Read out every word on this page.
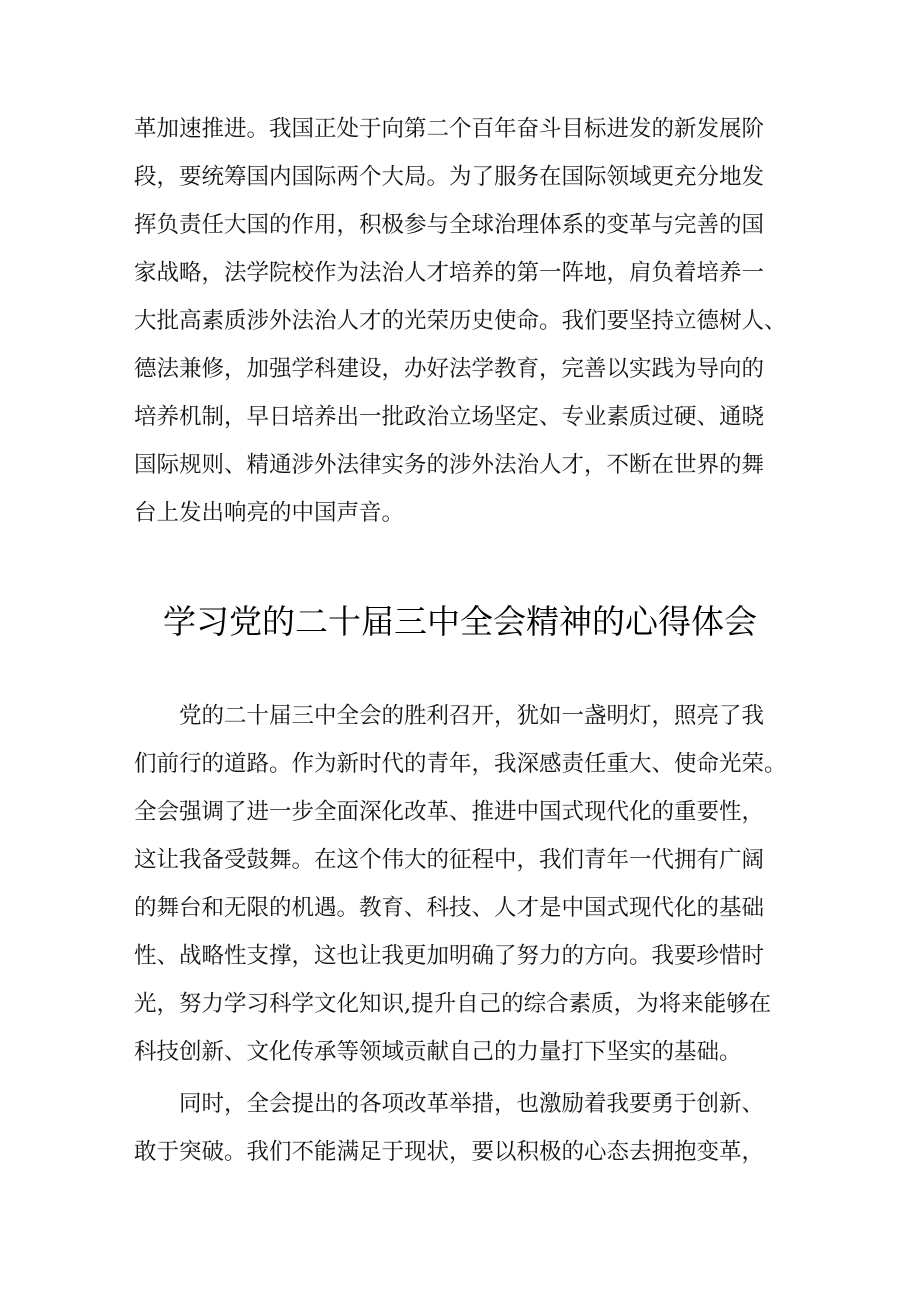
革加速推进。我国正处于向第二个百年奋斗目标进发的新发展阶
段，要统筹国内国际两个大局。为了服务在国际领域更充分地发
挥负责任大国的作用，积极参与全球治理体系的变革与完善的国
家战略，法学院校作为法治人才培养的第一阵地，肩负着培养一
大批高素质涉外法治人才的光荣历史使命。我们要坚持立德树人、
德法兼修，加强学科建设，办好法学教育，完善以实践为导向的
培养机制，早日培养出一批政治立场坚定、专业素质过硬、通晓
国际规则、精通涉外法律实务的涉外法治人才，不断在世界的舞
台上发出响亮的中国声音。
学习党的二十届三中全会精神的心得体会
党的二十届三中全会的胜利召开，犹如一盏明灯，照亮了我
们前行的道路。作为新时代的青年，我深感责任重大、使命光荣。
全会强调了进一步全面深化改革、推进中国式现代化的重要性，
这让我备受鼓舞。在这个伟大的征程中，我们青年一代拥有广阔
的舞台和无限的机遇。教育、科技、人才是中国式现代化的基础
性、战略性支撑，这也让我更加明确了努力的方向。我要珍惜时
光，努力学习科学文化知识,提升自己的综合素质，为将来能够在
科技创新、文化传承等领域贡献自己的力量打下坚实的基础。
同时，全会提出的各项改革举措，也激励着我要勇于创新、
敢于突破。我们不能满足于现状，要以积极的心态去拥抱变革，
